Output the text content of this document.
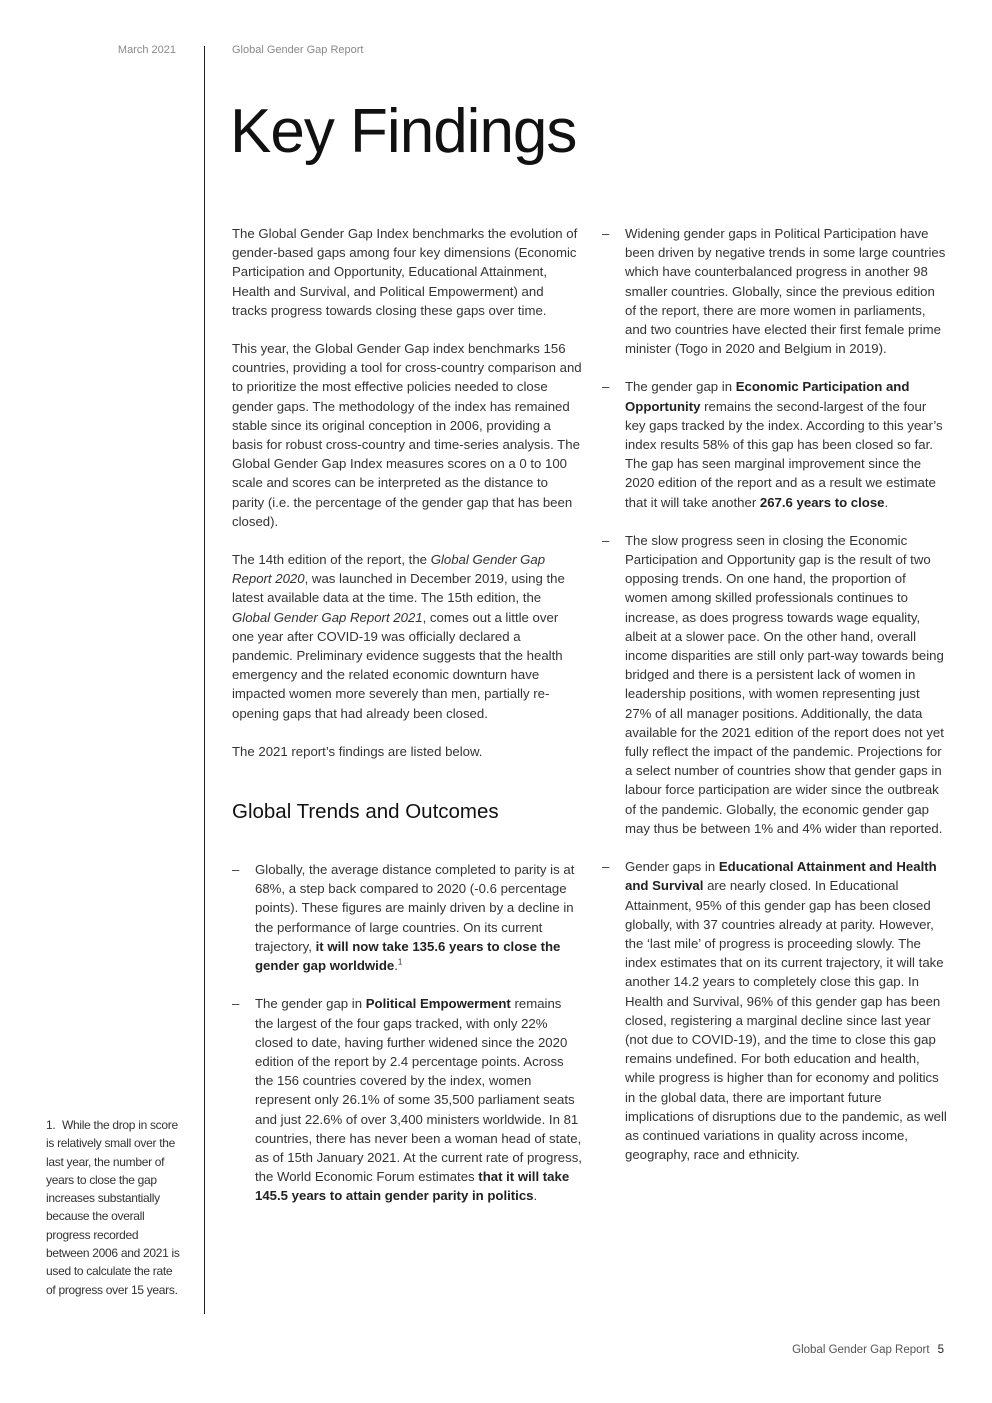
March 2021	Global Gender Gap Report
Key Findings

The Global Gender Gap Index benchmarks the evolution of gender-based gaps among four key dimensions (Economic Participation and Opportunity, Educational Attainment, Health and Survival, and Political Empowerment) and tracks progress towards closing these gaps over time.

This year, the Global Gender Gap index benchmarks 156 countries, providing a tool for cross-country comparison and to prioritize the most effective policies needed to close gender gaps. The methodology of the index has remained stable since its original conception in 2006, providing a basis for robust cross-country and time-series analysis. The Global Gender Gap Index measures scores on a 0 to 100 scale and scores can be interpreted as the distance to parity (i.e. the percentage of the gender gap that has been closed).

The 14th edition of the report, the Global Gender Gap Report 2020, was launched in December 2019, using the latest available data at the time. The 15th edition, the Global Gender Gap Report 2021, comes out a little over one year after COVID-19 was officially declared a pandemic. Preliminary evidence suggests that the health emergency and the related economic downturn have impacted women more severely than men, partially re-opening gaps that had already been closed.

The 2021 report’s findings are listed below.

Global Trends and Outcomes
– Globally, the average distance completed to parity is at 68%, a step back compared to 2020 (-0.6 percentage points). These figures are mainly driven by a decline in the performance of large countries. On its current trajectory, it will now take 135.6 years to close the gender gap worldwide.$^1$
– The gender gap in Political Empowerment remains the largest of the four gaps tracked, with only 22% closed to date, having further widened since the 2020 edition of the report by 2.4 percentage points. Across the 156 countries covered by the index, women represent only 26.1% of some 35,500 parliament seats and just 22.6% of over 3,400 ministers worldwide. In 81 countries, there has never been a woman head of state, as of 15th January 2021. At the current rate of progress, the World Economic Forum estimates that it will take 145.5 years to attain gender parity in politics.
– Widening gender gaps in Political Participation have been driven by negative trends in some large countries which have counterbalanced progress in another 98 smaller countries. Globally, since the previous edition of the report, there are more women in parliaments, and two countries have elected their first female prime minister (Togo in 2020 and Belgium in 2019).
– The gender gap in Economic Participation and Opportunity remains the second-largest of the four key gaps tracked by the index. According to this year’s index results 58% of this gap has been closed so far. The gap has seen marginal improvement since the 2020 edition of the report and as a result we estimate that it will take another 267.6 years to close.
– The slow progress seen in closing the Economic Participation and Opportunity gap is the result of two opposing trends. On one hand, the proportion of women among skilled professionals continues to increase, as does progress towards wage equality, albeit at a slower pace. On the other hand, overall income disparities are still only part-way towards being bridged and there is a persistent lack of women in leadership positions, with women representing just 27% of all manager positions. Additionally, the data available for the 2021 edition of the report does not yet fully reflect the impact of the pandemic. Projections for a select number of countries show that gender gaps in labour force participation are wider since the outbreak of the pandemic. Globally, the economic gender gap may thus be between 1% and 4% wider than reported.
– Gender gaps in Educational Attainment and Health and Survival are nearly closed. In Educational Attainment, 95% of this gender gap has been closed globally, with 37 countries already at parity. However, the ‘last mile’ of progress is proceeding slowly. The index estimates that on its current trajectory, it will take another 14.2 years to completely close this gap. In Health and Survival, 96% of this gender gap has been closed, registering a marginal decline since last year (not due to COVID-19), and the time to close this gap remains undefined. For both education and health, while progress is higher than for economy and politics in the global data, there are important future implications of disruptions due to the pandemic, as well as continued variations in quality across income, geography, race and ethnicity.
1. While the drop in score is relatively small over the last year, the number of years to close the gap increases substantially because the overall progress recorded between 2006 and 2021 is used to calculate the rate of progress over 15 years.
Global Gender Gap Report 5
